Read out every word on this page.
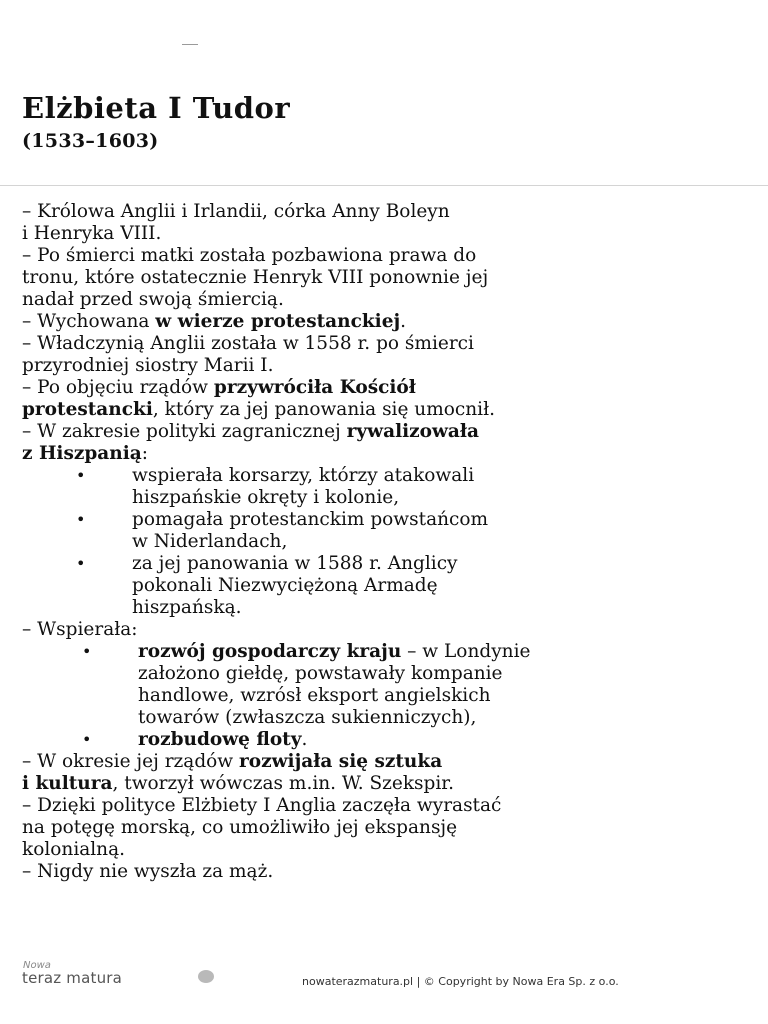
Elżbieta I Tudor
(1533–1603)
– Królowa Anglii i Irlandii, córka Anny Boleyn
i Henryka VIII.
– Po śmierci matki została pozbawiona prawa do
tronu, które ostatecznie Henryk VIII ponownie jej
nadał przed swoją śmiercią.
– Wychowana w wierze protestanckiej.
– Władczynią Anglii została w 1558 r. po śmierci
przyrodniej siostry Marii I.
– Po objęciu rządów przywróciła Kościół
protestancki, który za jej panowania się umocnił.
– W zakresie polityki zagranicznej rywalizowała
z Hiszpanią:
•	wspierała korsarzy, którzy atakowali
hiszpańskie okręty i kolonie,
•	pomagała protestanckim powstańcom
w Niderlandach,
•	za jej panowania w 1588 r. Anglicy
pokonali Niezwyciężoną Armadę
hiszpańską.
– Wspierała:
•	rozwój gospodarczy kraju – w Londynie
założono giełdę, powstawały kompanie
handlowe, wzrósł eksport angielskich
towarów (zwłaszcza sukienniczych),
•	rozbudowę floty.
– W okresie jej rządów rozwijała się sztuka
i kultura, tworzył wówczas m.in. W. Szekspir.
– Dzięki polityce Elżbiety I Anglia zaczęła wyrastać
na potęgę morską, co umożliwiło jej ekspansję
kolonialną.
– Nigdy nie wyszła za mąż.
Nowa
teraz matura	nowaterazmatura.pl | © Copyright by Nowa Era Sp. z o.o.
